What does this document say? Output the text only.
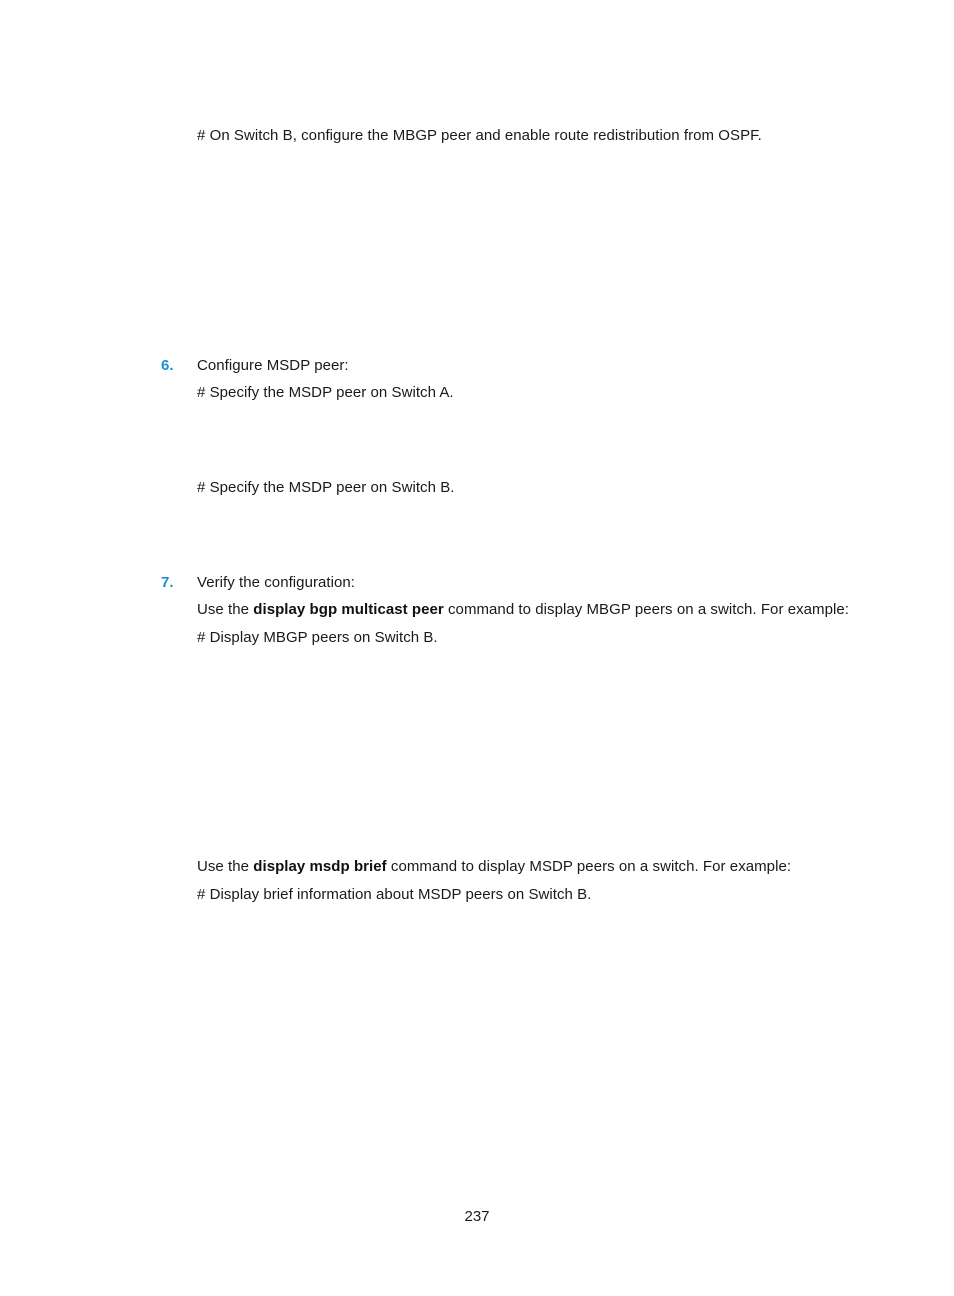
# On Switch B, configure the MBGP peer and enable route redistribution from OSPF.
6. Configure MSDP peer:
# Specify the MSDP peer on Switch A.
# Specify the MSDP peer on Switch B.
7. Verify the configuration:
Use the display bgp multicast peer command to display MBGP peers on a switch. For example:
# Display MBGP peers on Switch B.
Use the display msdp brief command to display MSDP peers on a switch. For example:
# Display brief information about MSDP peers on Switch B.
237
